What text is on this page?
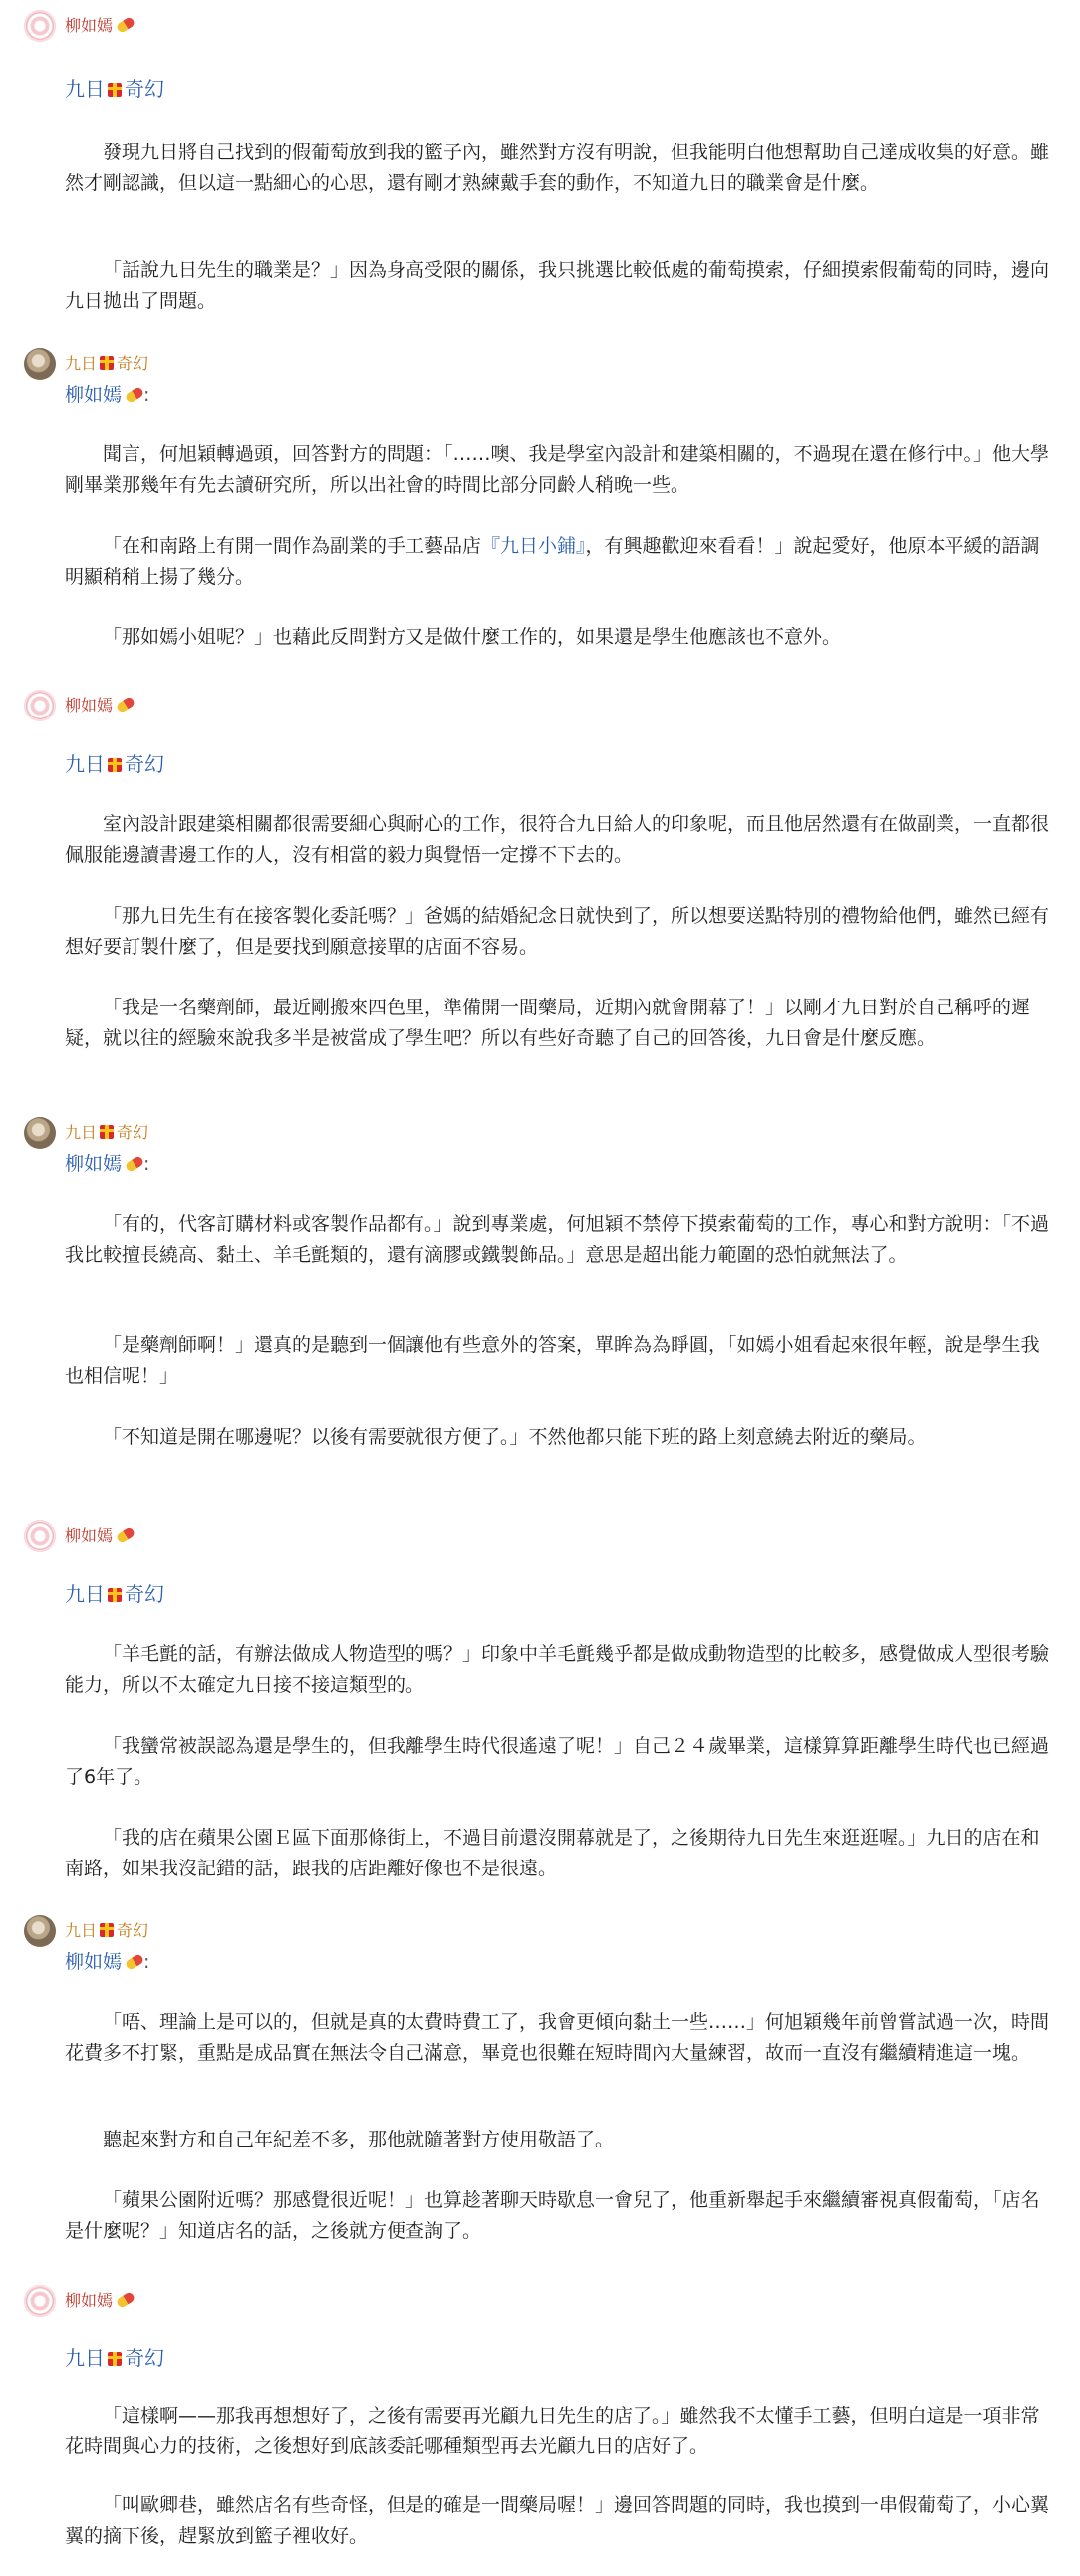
柳如嫣
九日 奇幻

發現九日將自己找到的假葡萄放到我的籃子內，雖然對方沒有明說，但我能明白他想幫助自己達成收集的好意。雖然才剛認識，但以這一點細心的心思，還有剛才熟練戴手套的動作，不知道九日的職業會是什麼。

「話說九日先生的職業是？」因為身高受限的關係，我只挑選比較低處的葡萄摸索，仔細摸索假葡萄的同時，邊向九日拋出了問題。

九日 奇幻
柳如嫣 :

聞言，何旭穎轉過頭，回答對方的問題：「……噢、我是學室內設計和建築相關的，不過現在還在修行中。」他大學剛畢業那幾年有先去讀研究所，所以出社會的時間比部分同齡人稍晚一些。

「在和南路上有開一間作為副業的手工藝品店『九日小鋪』，有興趣歡迎來看看！」說起愛好，他原本平緩的語調明顯稍稍上揚了幾分。

「那如嫣小姐呢？」也藉此反問對方又是做什麼工作的，如果還是學生他應該也不意外。

柳如嫣
九日 奇幻

室內設計跟建築相關都很需要細心與耐心的工作，很符合九日給人的印象呢，而且他居然還有在做副業，一直都很佩服能邊讀書邊工作的人，沒有相當的毅力與覺悟一定撐不下去的。

「那九日先生有在接客製化委託嗎？」爸媽的結婚紀念日就快到了，所以想要送點特別的禮物給他們，雖然已經有想好要訂製什麼了，但是要找到願意接單的店面不容易。

「我是一名藥劑師，最近剛搬來四色里，準備開一間藥局，近期內就會開幕了！」以剛才九日對於自己稱呼的遲疑，就以往的經驗來說我多半是被當成了學生吧？所以有些好奇聽了自己的回答後，九日會是什麼反應。

九日 奇幻
柳如嫣 :

「有的，代客訂購材料或客製作品都有。」說到專業處，何旭穎不禁停下摸索葡萄的工作，專心和對方說明：「不過我比較擅長繞高、黏土、羊毛氈類的，還有滴膠或鐵製飾品。」意思是超出能力範圍的恐怕就無法了。

「是藥劑師啊！」還真的是聽到一個讓他有些意外的答案，單眸為為睜圓，「如嫣小姐看起來很年輕，說是學生我也相信呢！」

「不知道是開在哪邊呢？以後有需要就很方便了。」不然他都只能下班的路上刻意繞去附近的藥局。

柳如嫣
九日 奇幻

「羊毛氈的話，有辦法做成人物造型的嗎？」印象中羊毛氈幾乎都是做成動物造型的比較多，感覺做成人型很考驗能力，所以不太確定九日接不接這類型的。

「我蠻常被誤認為還是學生的，但我離學生時代很遙遠了呢！」自己２４歲畢業，這樣算算距離學生時代也已經過了6年了。

「我的店在蘋果公園Ｅ區下面那條街上，不過目前還沒開幕就是了，之後期待九日先生來逛逛喔。」九日的店在和南路，如果我沒記錯的話，跟我的店距離好像也不是很遠。

九日 奇幻
柳如嫣 :

「唔、理論上是可以的，但就是真的太費時費工了，我會更傾向黏土一些……」何旭穎幾年前曾嘗試過一次，時間花費多不打緊，重點是成品實在無法令自己滿意，畢竟也很難在短時間內大量練習，故而一直沒有繼續精進這一塊。

聽起來對方和自己年紀差不多，那他就隨著對方使用敬語了。

「蘋果公園附近嗎？那感覺很近呢！」也算趁著聊天時歇息一會兒了，他重新舉起手來繼續審視真假葡萄，「店名是什麼呢？」知道店名的話，之後就方便查詢了。

柳如嫣
九日 奇幻

「這樣啊——那我再想想好了，之後有需要再光顧九日先生的店了。」雖然我不太懂手工藝，但明白這是一項非常花時間與心力的技術，之後想好到底該委託哪種類型再去光顧九日的店好了。

「叫歐卿巷，雖然店名有些奇怪，但是的確是一間藥局喔！」邊回答問題的同時，我也摸到一串假葡萄了，小心翼翼的摘下後，趕緊放到籃子裡收好。
